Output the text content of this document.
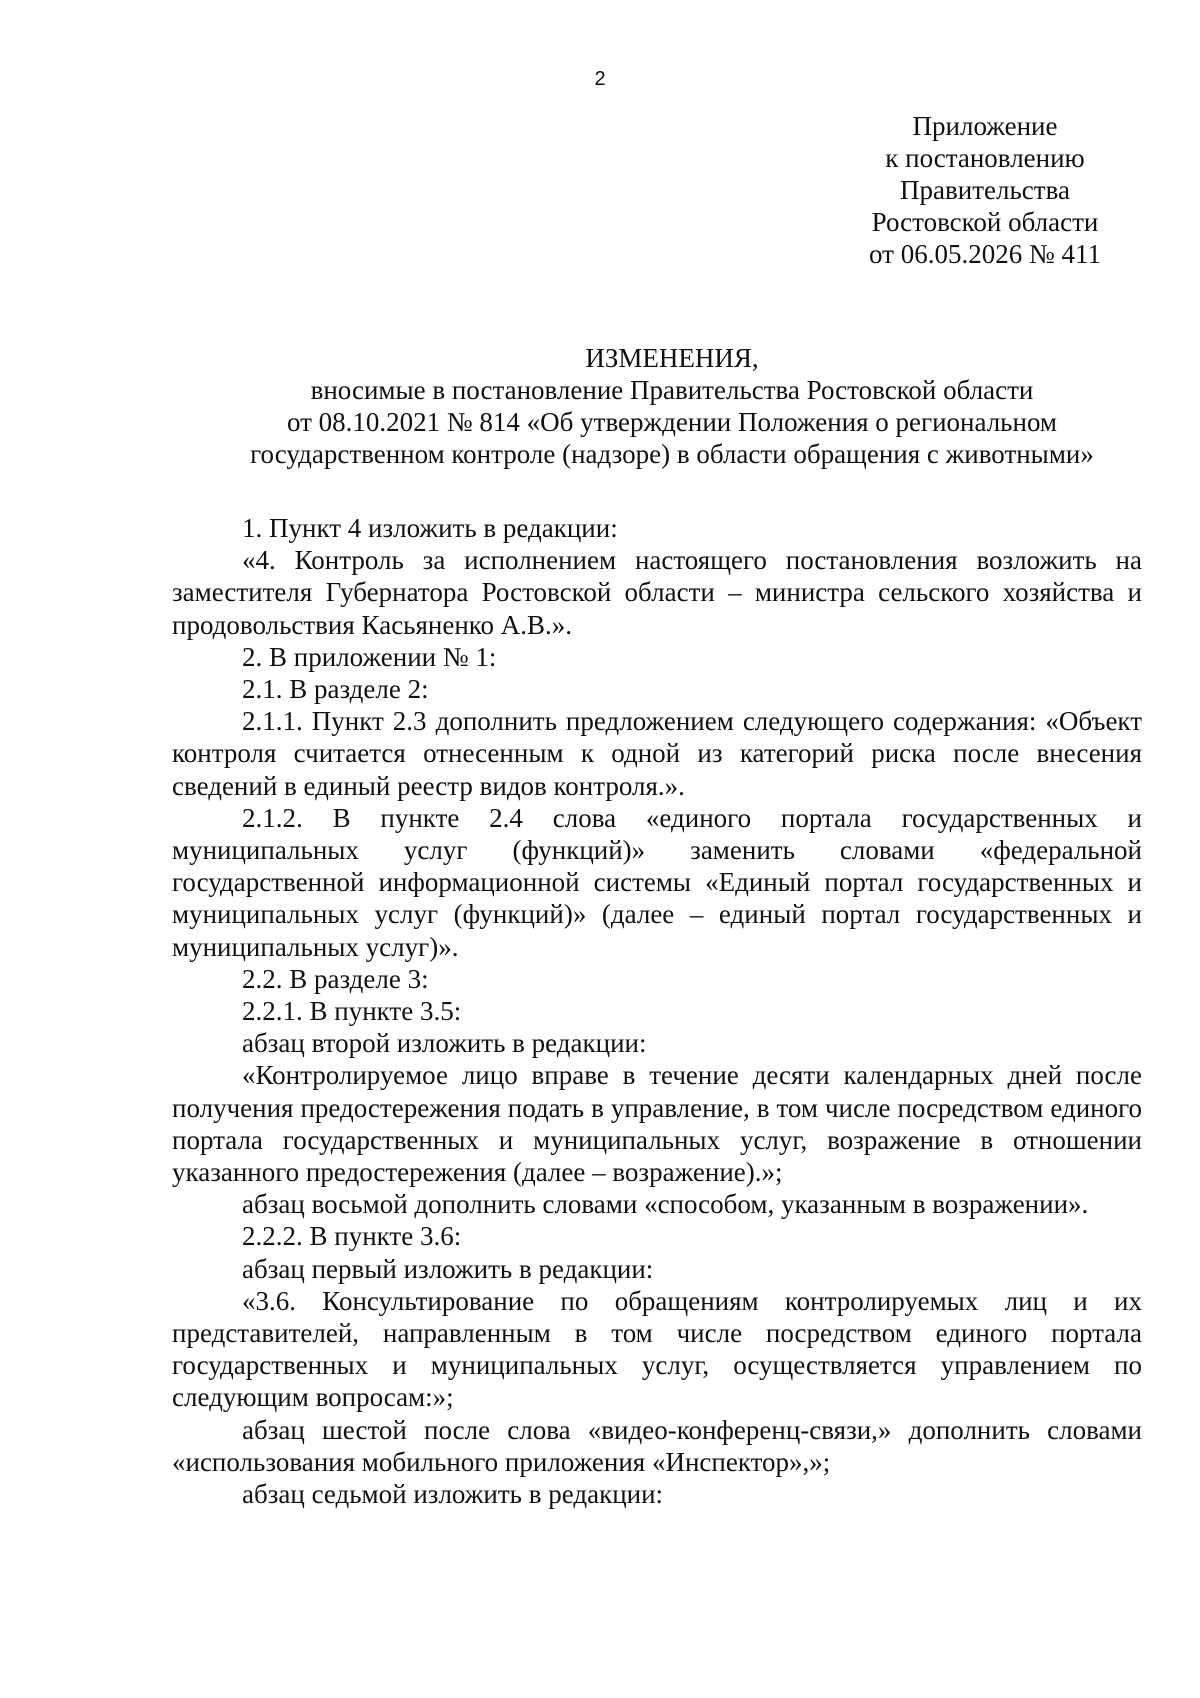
2
Приложение
к постановлению
Правительства
Ростовской области
от 06.05.2026 № 411
ИЗМЕНЕНИЯ,
вносимые в постановление Правительства Ростовской области
от 08.10.2021 № 814 «Об утверждении Положения о региональном
государственном контроле (надзоре) в области обращения с животными»

1. Пункт 4 изложить в редакции:

«4. Контроль за исполнением настоящего постановления возложить на заместителя Губернатора Ростовской области – министра сельского хозяйства и продовольствия Касьяненко А.В.».

2. В приложении № 1:

2.1. В разделе 2:

2.1.1. Пункт 2.3 дополнить предложением следующего содержания: «Объект контроля считается отнесенным к одной из категорий риска после внесения сведений в единый реестр видов контроля.».

2.1.2. В пункте 2.4 слова «единого портала государственных и муниципальных услуг (функций)» заменить словами «федеральной государственной информационной системы «Единый портал государственных и муниципальных услуг (функций)» (далее – единый портал государственных и муниципальных услуг)».

2.2. В разделе 3:

2.2.1. В пункте 3.5:

абзац второй изложить в редакции:

«Контролируемое лицо вправе в течение десяти календарных дней после получения предостережения подать в управление, в том числе посредством единого портала государственных и муниципальных услуг, возражение в отношении указанного предостережения (далее – возражение).»;

абзац восьмой дополнить словами «способом, указанным в возражении».

2.2.2. В пункте 3.6:

абзац первый изложить в редакции:

«3.6. Консультирование по обращениям контролируемых лиц и их представителей, направленным в том числе посредством единого портала государственных и муниципальных услуг, осуществляется управлением по следующим вопросам:»;

абзац шестой после слова «видео-конференц-связи,» дополнить словами «использования мобильного приложения «Инспектор»,»;

абзац седьмой изложить в редакции:
